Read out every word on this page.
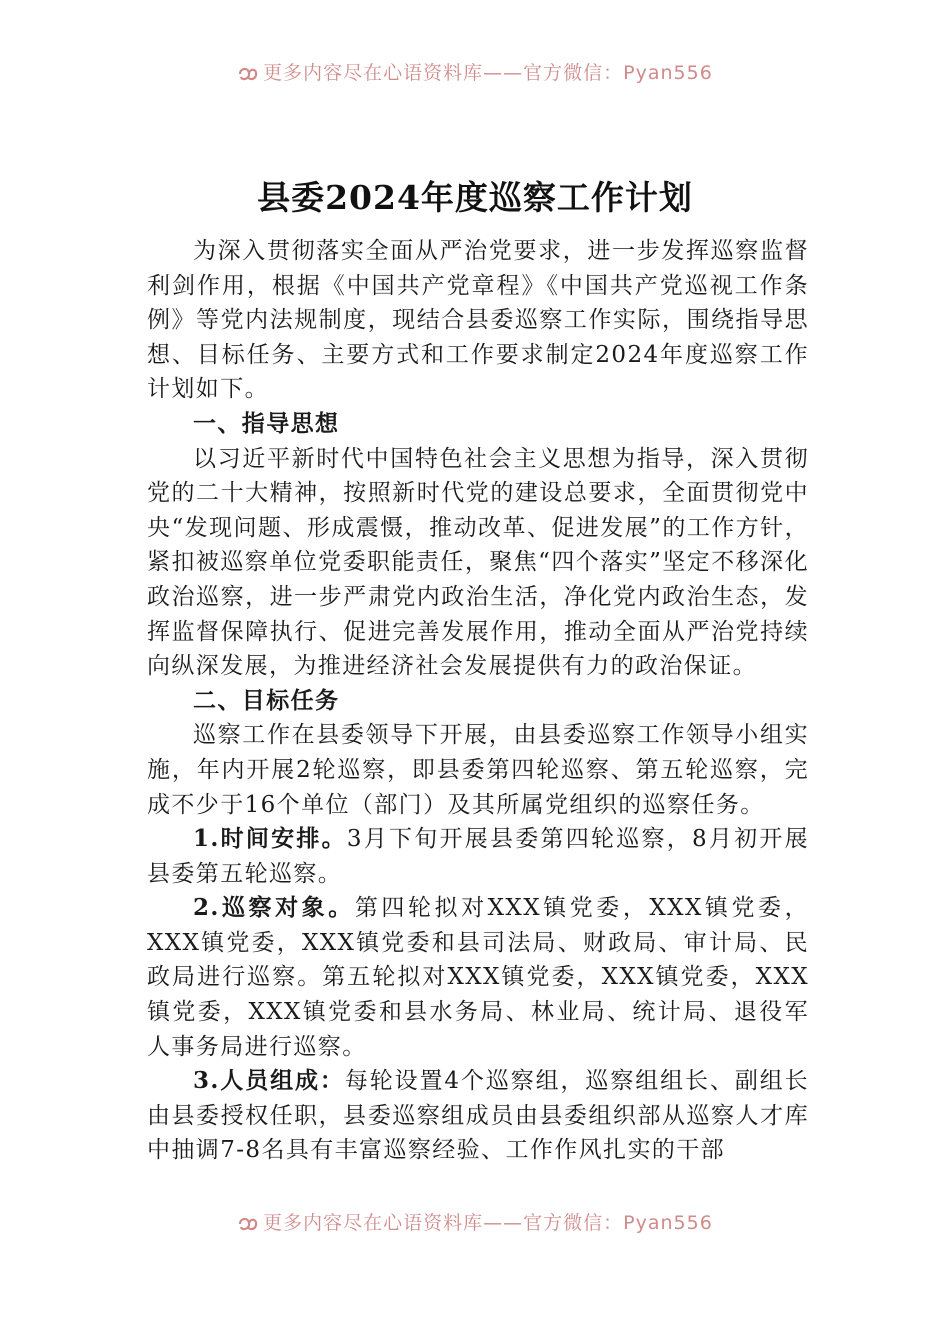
更多内容尽在心语资料库——官方微信：Pyan556
县委2024年度巡察工作计划

为深入贯彻落实全面从严治党要求，进一步发挥巡察监督利剑作用，根据《中国共产党章程》《中国共产党巡视工作条例》等党内法规制度，现结合县委巡察工作实际，围绕指导思想、目标任务、主要方式和工作要求制定2024年度巡察工作计划如下。

一、指导思想

以习近平新时代中国特色社会主义思想为指导，深入贯彻党的二十大精神，按照新时代党的建设总要求，全面贯彻党中央“发现问题、形成震慑，推动改革、促进发展”的工作方针，紧扣被巡察单位党委职能责任，聚焦“四个落实”坚定不移深化政治巡察，进一步严肃党内政治生活，净化党内政治生态，发挥监督保障执行、促进完善发展作用，推动全面从严治党持续向纵深发展，为推进经济社会发展提供有力的政治保证。

二、目标任务

巡察工作在县委领导下开展，由县委巡察工作领导小组实施，年内开展2轮巡察，即县委第四轮巡察、第五轮巡察，完成不少于16个单位（部门）及其所属党组织的巡察任务。

1.时间安排。3月下旬开展县委第四轮巡察，8月初开展县委第五轮巡察。

2.巡察对象。第四轮拟对XXX镇党委，XXX镇党委，XXX镇党委，XXX镇党委和县司法局、财政局、审计局、民政局进行巡察。第五轮拟对XXX镇党委，XXX镇党委，XXX镇党委，XXX镇党委和县水务局、林业局、统计局、退役军人事务局进行巡察。

3.人员组成：每轮设置4个巡察组，巡察组组长、副组长由县委授权任职，县委巡察组成员由县委组织部从巡察人才库中抽调7-8名具有丰富巡察经验、工作作风扎实的干部

更多内容尽在心语资料库——官方微信：Pyan556
